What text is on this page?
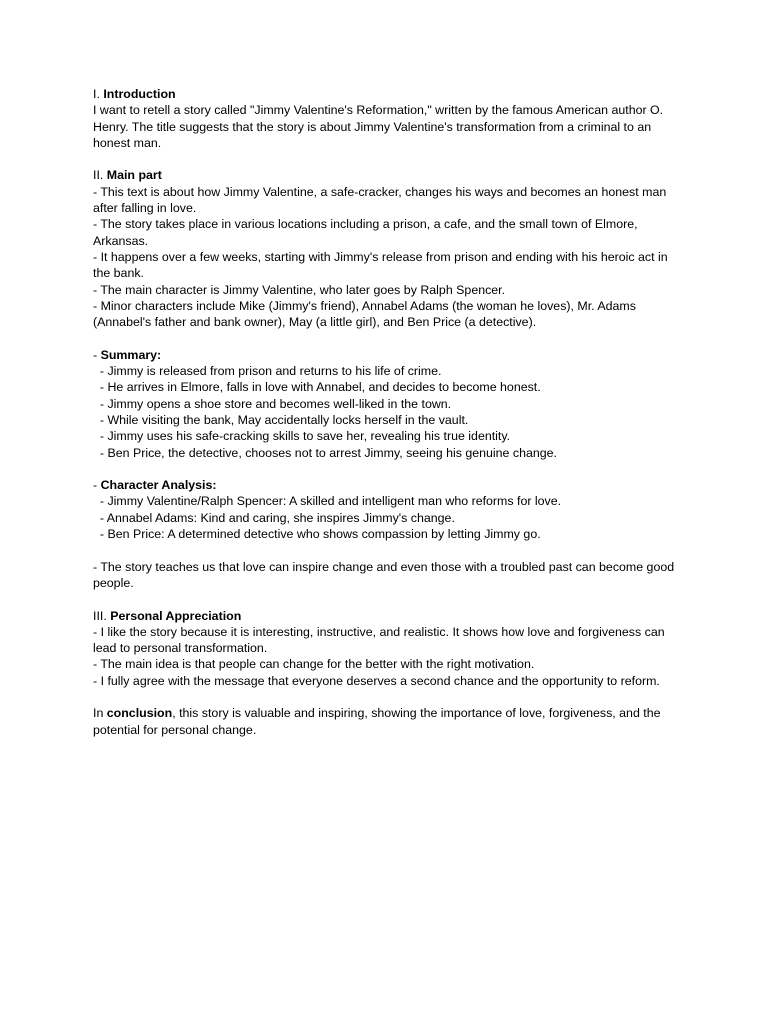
I. Introduction

I want to retell a story called "Jimmy Valentine's Reformation," written by the famous American author O. Henry. The title suggests that the story is about Jimmy Valentine's transformation from a criminal to an honest man.

II. Main part

- This text is about how Jimmy Valentine, a safe-cracker, changes his ways and becomes an honest man after falling in love.

- The story takes place in various locations including a prison, a cafe, and the small town of Elmore, Arkansas.

- It happens over a few weeks, starting with Jimmy's release from prison and ending with his heroic act in the bank.

- The main character is Jimmy Valentine, who later goes by Ralph Spencer.

- Minor characters include Mike (Jimmy's friend), Annabel Adams (the woman he loves), Mr. Adams (Annabel's father and bank owner), May (a little girl), and Ben Price (a detective).

- Summary:

- Jimmy is released from prison and returns to his life of crime.

- He arrives in Elmore, falls in love with Annabel, and decides to become honest.

- Jimmy opens a shoe store and becomes well-liked in the town.

- While visiting the bank, May accidentally locks herself in the vault.

- Jimmy uses his safe-cracking skills to save her, revealing his true identity.

- Ben Price, the detective, chooses not to arrest Jimmy, seeing his genuine change.

- Character Analysis:

- Jimmy Valentine/Ralph Spencer: A skilled and intelligent man who reforms for love.

- Annabel Adams: Kind and caring, she inspires Jimmy's change.

- Ben Price: A determined detective who shows compassion by letting Jimmy go.

- The story teaches us that love can inspire change and even those with a troubled past can become good people.

III. Personal Appreciation

- I like the story because it is interesting, instructive, and realistic. It shows how love and forgiveness can lead to personal transformation.

- The main idea is that people can change for the better with the right motivation.

- I fully agree with the message that everyone deserves a second chance and the opportunity to reform.

In conclusion, this story is valuable and inspiring, showing the importance of love, forgiveness, and the potential for personal change.
